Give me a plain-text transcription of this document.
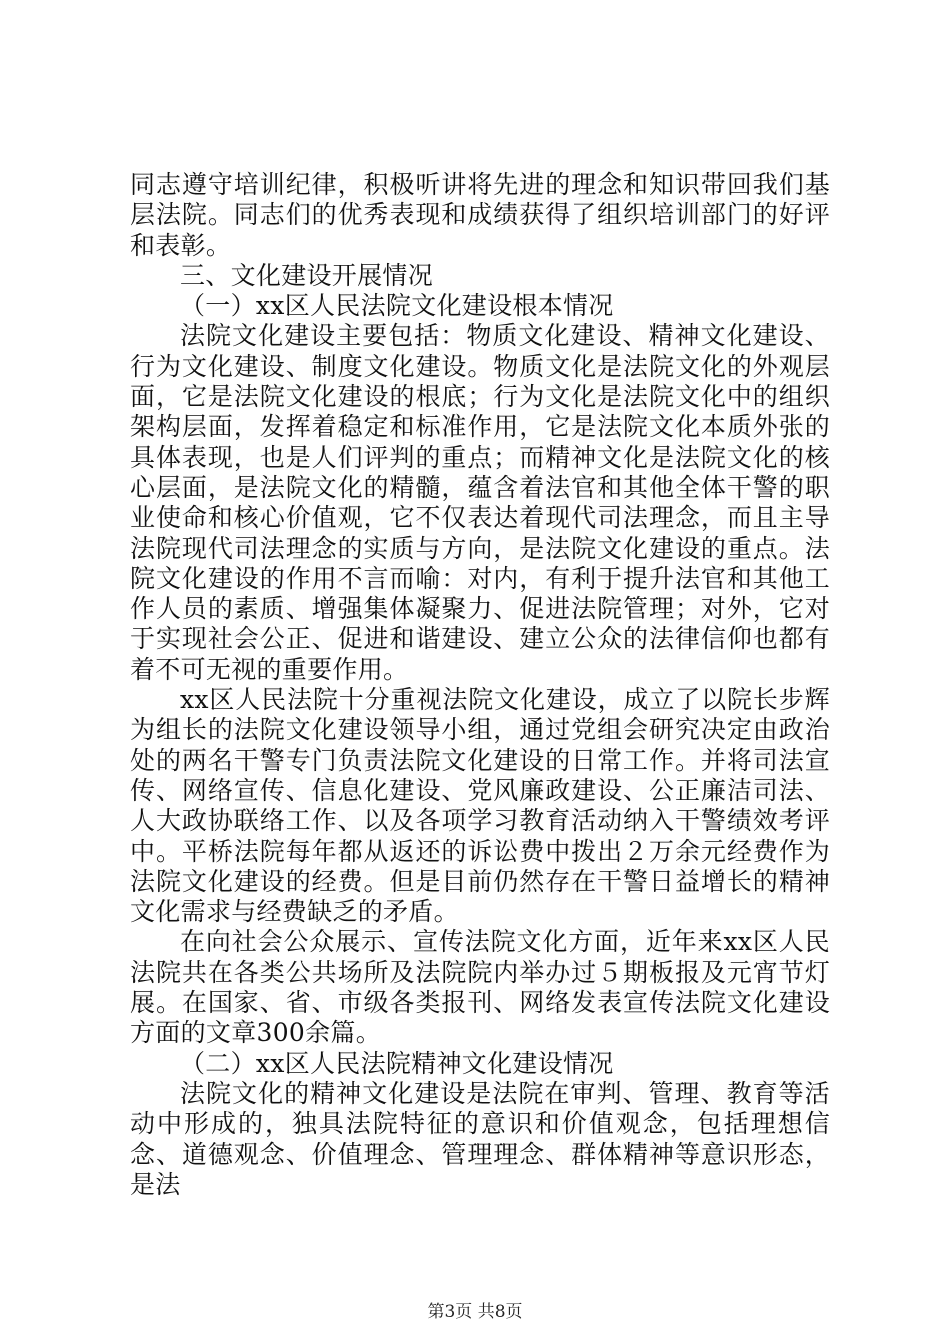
同志遵守培训纪律，积极听讲将先进的理念和知识带回我们基层法院。同志们的优秀表现和成绩获得了组织培训部门的好评和表彰。

三、文化建设开展情况

（一）xx区人民法院文化建设根本情况

法院文化建设主要包括：物质文化建设、精神文化建设、行为文化建设、制度文化建设。物质文化是法院文化的外观层面，它是法院文化建设的根底；行为文化是法院文化中的组织架构层面，发挥着稳定和标准作用，它是法院文化本质外张的具体表现，也是人们评判的重点；而精神文化是法院文化的核心层面，是法院文化的精髓，蕴含着法官和其他全体干警的职业使命和核心价值观，它不仅表达着现代司法理念，而且主导法院现代司法理念的实质与方向，是法院文化建设的重点。法院文化建设的作用不言而喻：对内，有利于提升法官和其他工作人员的素质、增强集体凝聚力、促进法院管理；对外，它对于实现社会公正、促进和谐建设、建立公众的法律信仰也都有着不可无视的重要作用。

xx区人民法院十分重视法院文化建设，成立了以院长步辉为组长的法院文化建设领导小组，通过党组会研究决定由政治处的两名干警专门负责法院文化建设的日常工作。并将司法宣传、网络宣传、信息化建设、党风廉政建设、公正廉洁司法、人大政协联络工作、以及各项学习教育活动纳入干警绩效考评中。平桥法院每年都从返还的诉讼费中拨出２万余元经费作为法院文化建设的经费。但是目前仍然存在干警日益增长的精神文化需求与经费缺乏的矛盾。

在向社会公众展示、宣传法院文化方面，近年来xx区人民法院共在各类公共场所及法院院内举办过５期板报及元宵节灯展。在国家、省、市级各类报刊、网络发表宣传法院文化建设方面的文章300余篇。

（二）xx区人民法院精神文化建设情况

法院文化的精神文化建设是法院在审判、管理、教育等活动中形成的，独具法院特征的意识和价值观念，包括理想信念、道德观念、价值理念、管理理念、群体精神等意识形态，是法

第3页 共8页
